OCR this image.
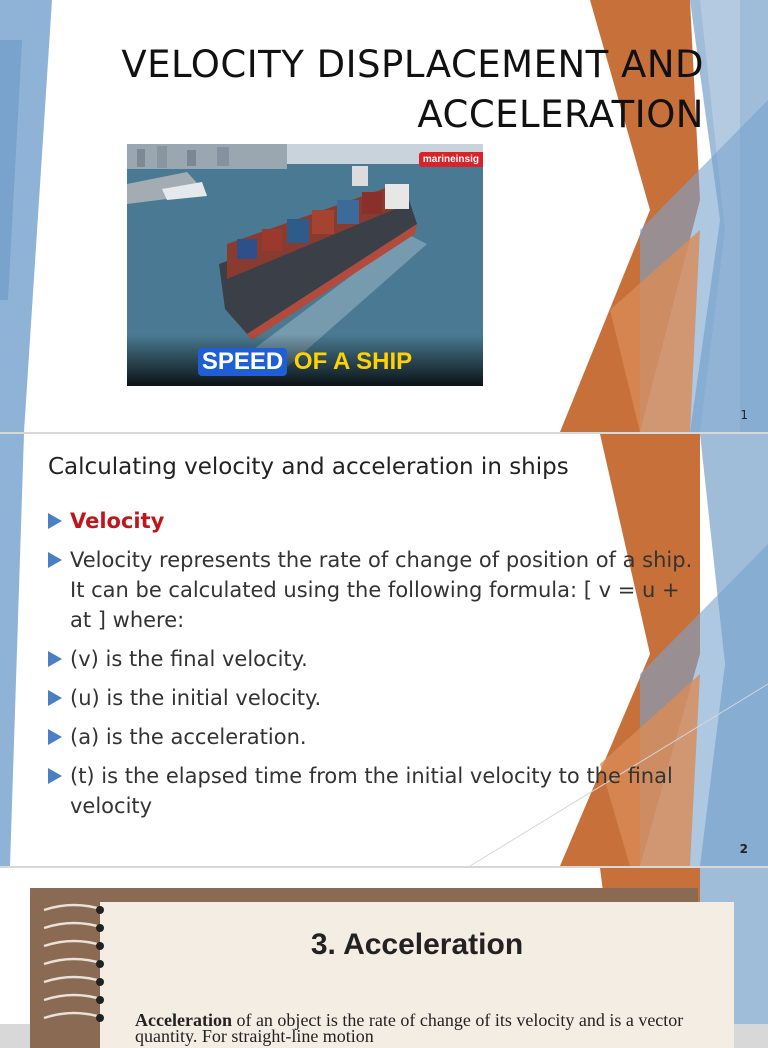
VELOCITY DISPLACEMENT AND
ACCELERATION
marineinsig
SPEED OF A SHIP
1
Calculating velocity and acceleration in ships
Velocity
Velocity represents the rate of change of position of a ship. It can be calculated using the following formula: [ v = u + at ] where:
(v) is the final velocity.
(u) is the initial velocity.
(a) is the acceleration.
(t) is the elapsed time from the initial velocity to the final velocity
2
3. Acceleration
Acceleration of an object is the rate of change of its velocity and is a vector quantity. For straight-line motion
